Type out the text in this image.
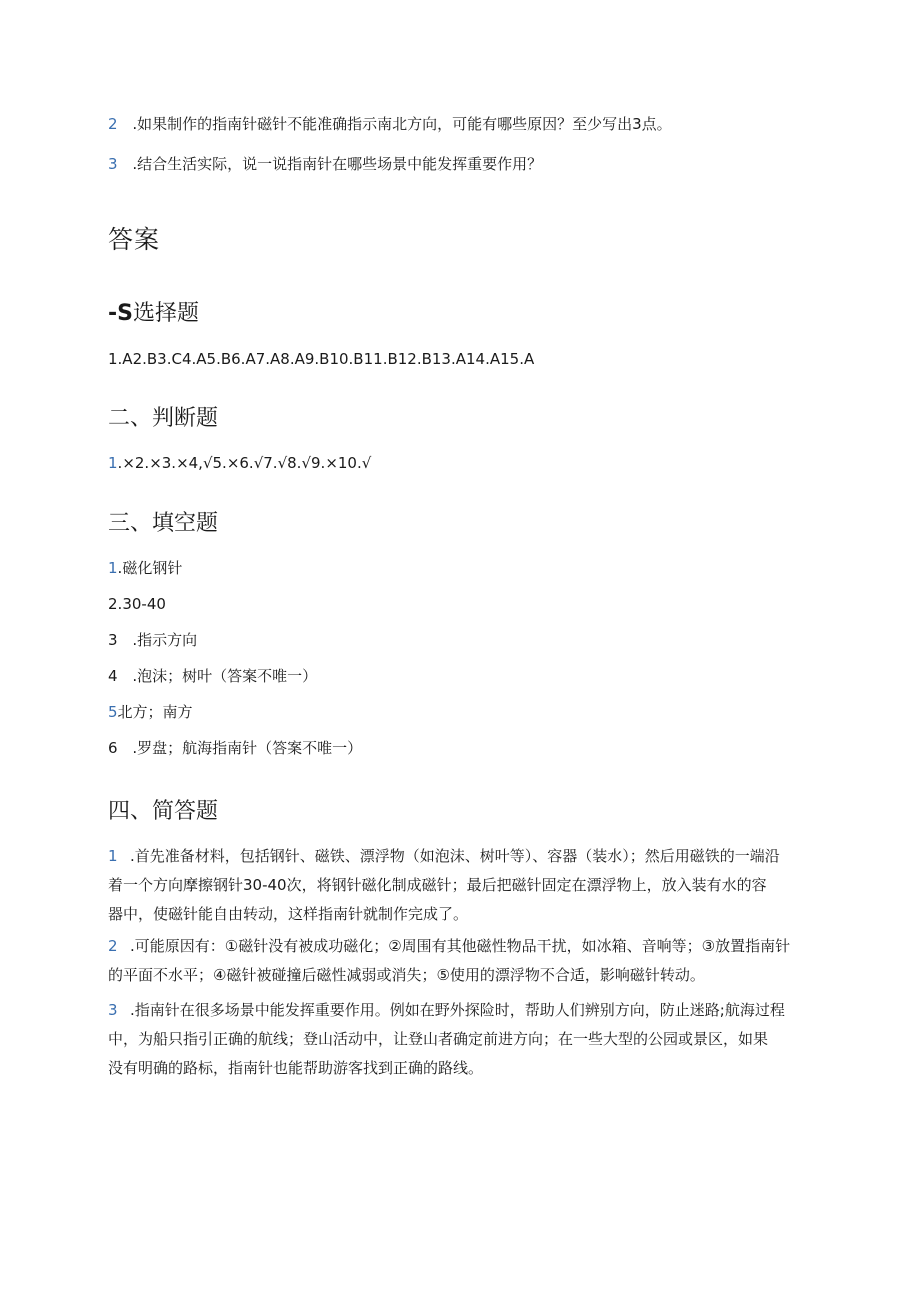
2 .如果制作的指南针磁针不能准确指示南北方向，可能有哪些原因？至少写出3点。
3 .结合生活实际，说一说指南针在哪些场景中能发挥重要作用？
答案
-S选择题
1.A2.B3.C4.A5.B6.A7.A8.A9.B10.B11.B12.B13.A14.A15.A
二、判断题
1.×2.×3.×4,√5.×6.√7.√8.√9.×10.√
三、填空题
1.磁化钢针
2.30-40
3 .指示方向
4 .泡沫；树叶（答案不唯一）
5北方；南方
6 .罗盘；航海指南针（答案不唯一）
四、简答题
1 .首先准备材料，包括钢针、磁铁、漂浮物（如泡沫、树叶等）、容器（装水）；然后用磁铁的一端沿
着一个方向摩擦钢针30-40次，将钢针磁化制成磁针；最后把磁针固定在漂浮物上，放入装有水的容
器中，使磁针能自由转动，这样指南针就制作完成了。
2 .可能原因有：①磁针没有被成功磁化；②周围有其他磁性物品干扰，如冰箱、音响等；③放置指南针
的平面不水平；④磁针被碰撞后磁性减弱或消失；⑤使用的漂浮物不合适，影响磁针转动。
3 .指南针在很多场景中能发挥重要作用。例如在野外探险时，帮助人们辨别方向，防止迷路;航海过程
中，为船只指引正确的航线；登山活动中，让登山者确定前进方向；在一些大型的公园或景区，如果
没有明确的路标，指南针也能帮助游客找到正确的路线。
